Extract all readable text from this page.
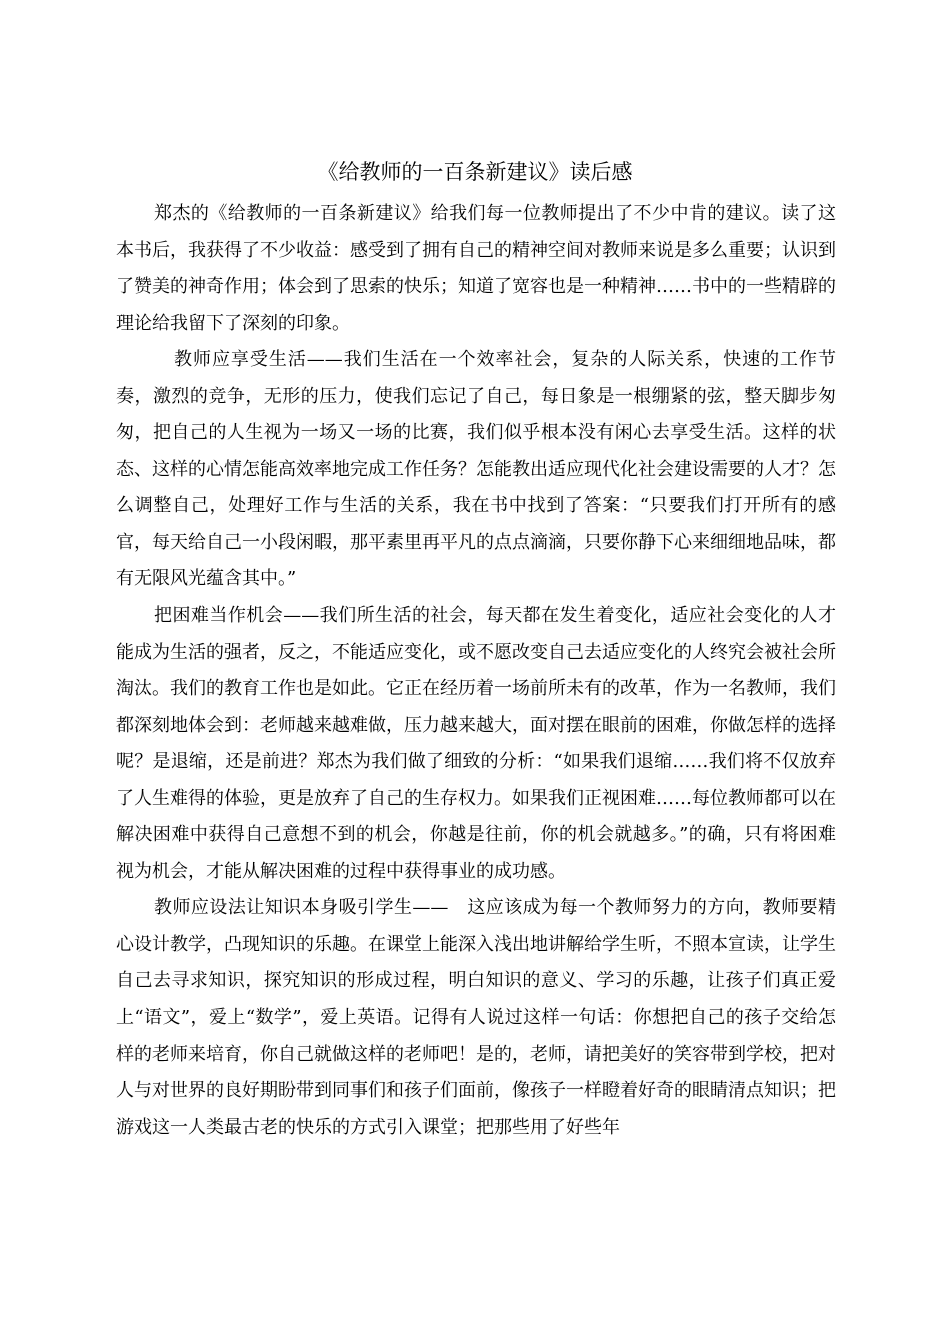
《给教师的一百条新建议》读后感

郑杰的《给教师的一百条新建议》给我们每一位教师提出了不少中肯的建议。读了这本书后，我获得了不少收益：感受到了拥有自己的精神空间对教师来说是多么重要；认识到了赞美的神奇作用；体会到了思索的快乐；知道了宽容也是一种精神……书中的一些精辟的理论给我留下了深刻的印象。

教师应享受生活——我们生活在一个效率社会，复杂的人际关系，快速的工作节奏，激烈的竞争，无形的压力，使我们忘记了自己，每日象是一根绷紧的弦，整天脚步匆匆，把自己的人生视为一场又一场的比赛，我们似乎根本没有闲心去享受生活。这样的状态、这样的心情怎能高效率地完成工作任务？怎能教出适应现代化社会建设需要的人才？怎么调整自己，处理好工作与生活的关系，我在书中找到了答案：“只要我们打开所有的感官，每天给自己一小段闲暇，那平素里再平凡的点点滴滴，只要你静下心来细细地品味，都有无限风光蕴含其中。”

把困难当作机会——我们所生活的社会，每天都在发生着变化，适应社会变化的人才能成为生活的强者，反之，不能适应变化，或不愿改变自己去适应变化的人终究会被社会所淘汰。我们的教育工作也是如此。它正在经历着一场前所未有的改革，作为一名教师，我们都深刻地体会到：老师越来越难做，压力越来越大，面对摆在眼前的困难，你做怎样的选择呢？是退缩，还是前进？郑杰为我们做了细致的分析：“如果我们退缩……我们将不仅放弃了人生难得的体验，更是放弃了自己的生存权力。如果我们正视困难……每位教师都可以在解决困难中获得自己意想不到的机会，你越是往前，你的机会就越多。”的确，只有将困难视为机会，才能从解决困难的过程中获得事业的成功感。

教师应设法让知识本身吸引学生——　这应该成为每一个教师努力的方向，教师要精心设计教学，凸现知识的乐趣。在课堂上能深入浅出地讲解给学生听，不照本宣读，让学生自己去寻求知识，探究知识的形成过程，明白知识的意义、学习的乐趣，让孩子们真正爱上“语文”，爱上“数学”，爱上英语。记得有人说过这样一句话：你想把自己的孩子交给怎样的老师来培育，你自己就做这样的老师吧！是的，老师，请把美好的笑容带到学校，把对人与对世界的良好期盼带到同事们和孩子们面前，像孩子一样瞪着好奇的眼睛清点知识；把游戏这一人类最古老的快乐的方式引入课堂；把那些用了好些年
